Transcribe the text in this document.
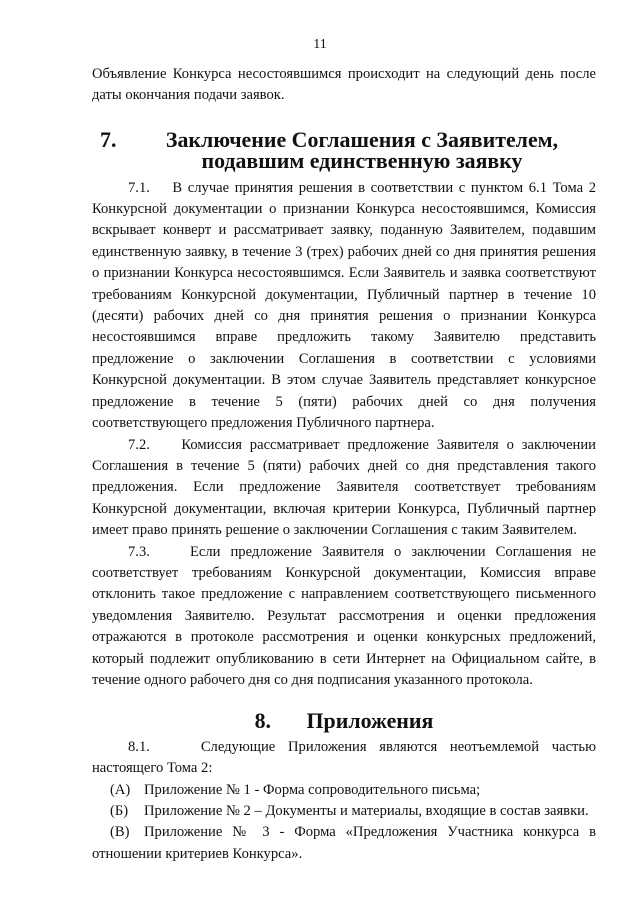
11

Объявление Конкурса несостоявшимся происходит на следующий день после даты окончания подачи заявок.

7. Заключение Соглашения с Заявителем, подавшим единственную заявку

7.1.    В случае принятия решения в соответствии с пунктом 6.1 Тома 2 Конкурсной документации о признании Конкурса несостоявшимся, Комиссия вскрывает конверт и рассматривает заявку, поданную Заявителем, подавшим единственную заявку, в течение 3 (трех) рабочих дней со дня принятия решения о признании Конкурса несостоявшимся. Если Заявитель и заявка соответствуют требованиям Конкурсной документации, Публичный партнер в течение 10 (десяти) рабочих дней со дня принятия решения о признании Конкурса несостоявшимся вправе предложить такому Заявителю представить предложение о заключении Соглашения в соответствии с условиями Конкурсной документации. В этом случае Заявитель представляет конкурсное предложение в течение 5 (пяти) рабочих дней со дня получения соответствующего предложения Публичного партнера.

7.2.    Комиссия рассматривает предложение Заявителя о заключении Соглашения в течение 5 (пяти) рабочих дней со дня представления такого предложения. Если предложение Заявителя соответствует требованиям Конкурсной документации, включая критерии Конкурса, Публичный партнер имеет право принять решение о заключении Соглашения с таким Заявителем.

7.3.    Если предложение Заявителя о заключении Соглашения не соответствует требованиям Конкурсной документации, Комиссия вправе отклонить такое предложение с направлением соответствующего письменного уведомления Заявителю. Результат рассмотрения и оценки предложения отражаются в протоколе рассмотрения и оценки конкурсных предложений, который подлежит опубликованию в сети Интернет на Официальном сайте, в течение одного рабочего дня со дня подписания указанного протокола.

8. Приложения

8.1.    Следующие Приложения являются неотъемлемой частью настоящего Тома 2:

(А) Приложение № 1 - Форма сопроводительного письма;

(Б) Приложение № 2 – Документы и материалы, входящие в состав заявки.

(В) Приложение № 3 - Форма «Предложения Участника конкурса в отношении критериев Конкурса».
